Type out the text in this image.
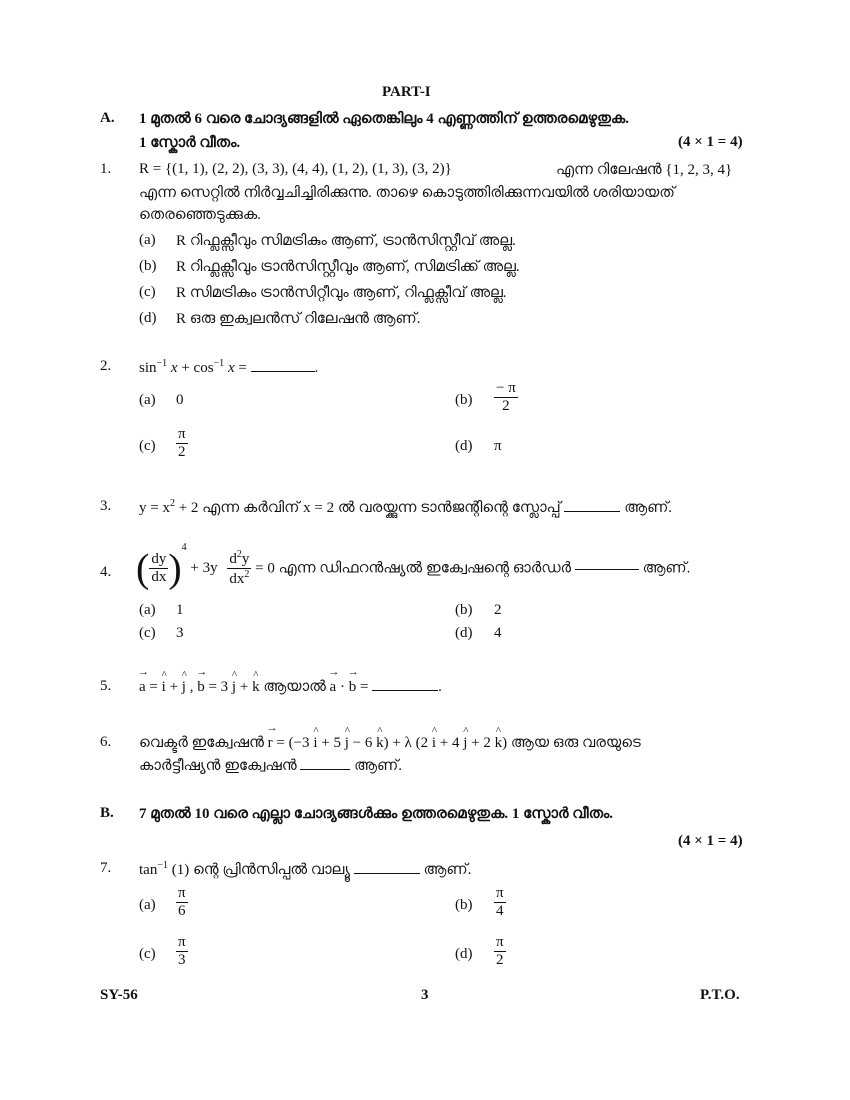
PART-I
A. 1 മുതൽ 6 വരെ ചോദ്യങ്ങളിൽ ഏതെങ്കിലും 4 എണ്ണത്തിന് ഉത്തരമെഴുതുക.
1 സ്കോർ വീതം.	(4 × 1 = 4)
1. R = {(1, 1), (2, 2), (3, 3), (4, 4), (1, 2), (1, 3), (3, 2)}	എന്ന റിലേഷൻ {1, 2, 3, 4}
എന്ന സെറ്റിൽ നിർവ്വചിച്ചിരിക്കുന്നു. താഴെ കൊടുത്തിരിക്കുന്നവയിൽ ശരിയായത്
തെരഞ്ഞെടുക്കുക.
(a) R റിഫ്ലക്സീവും സിമട്രികും ആണ്, ട്രാൻസിസ്റ്റീവ് അല്ല.
(b) R റിഫ്ലക്സീവും ട്രാൻസിസ്റ്റീവും ആണ്, സിമട്രിക്ക് അല്ല.
(c) R സിമട്രികും ട്രാൻസിറ്റീവും ആണ്, റിഫ്ലക്സീവ് അല്ല.
(d) R ഒരു ഇക്വലൻസ് റിലേഷൻ ആണ്.
2. $\sin^{-1} x + \cos^{-1} x$ =	.
(a) 0	$(b) \frac{- \pi}{2}$
$(c) \frac{\pi}{2}$	(d) π
3. $y = x^2 + 2$ എന്ന കർവിന് x = 2 ൽ വരയ്ക്കുന്ന ടാൻജന്റിന്റെ സ്ലോപ്പ്	ആണ്.
4. ( $\frac{dy}{dx} )^4 + 3y \frac{d^2y}{dx^2} = 0$ എന്ന ഡിഫറൻഷ്യൽ ഇക്വേഷന്റെ ഓർഡർ	ആണ്.
(a) 1	(b) 2
(c) 3	(d) 4
5. → a = ^ i + ^ j , → b = 3 ^ j + ^ k ആയാൽ → a · → b =	.
6. വെക്ടർ ഇക്വേഷൻ → r = (−3 ^ i + 5 ^ j − 6 ^ k) + λ (2 ^ i + 4 ^ j + 2 ^ k) ആയ ഒരു വരയുടെ
കാർട്ടീഷ്യൻ ഇക്വേഷൻ	ആണ്.
B. 7 മുതൽ 10 വരെ എല്ലാ ചോദ്യങ്ങൾക്കും ഉത്തരമെഴുതുക. 1 സ്കോർ വീതം.
(4 × 1 = 4)
7. $\tan^{-1} (1)$ ന്റെ പ്രിൻസിപ്പൽ വാല്യൂ	ആണ്.
$(a) \frac{\pi}{6}$	$(b) \frac{\pi}{4}$
$(c) \frac{\pi}{3}$	$(d) \frac{\pi}{2}$
SY-56	3	P.T.O.
